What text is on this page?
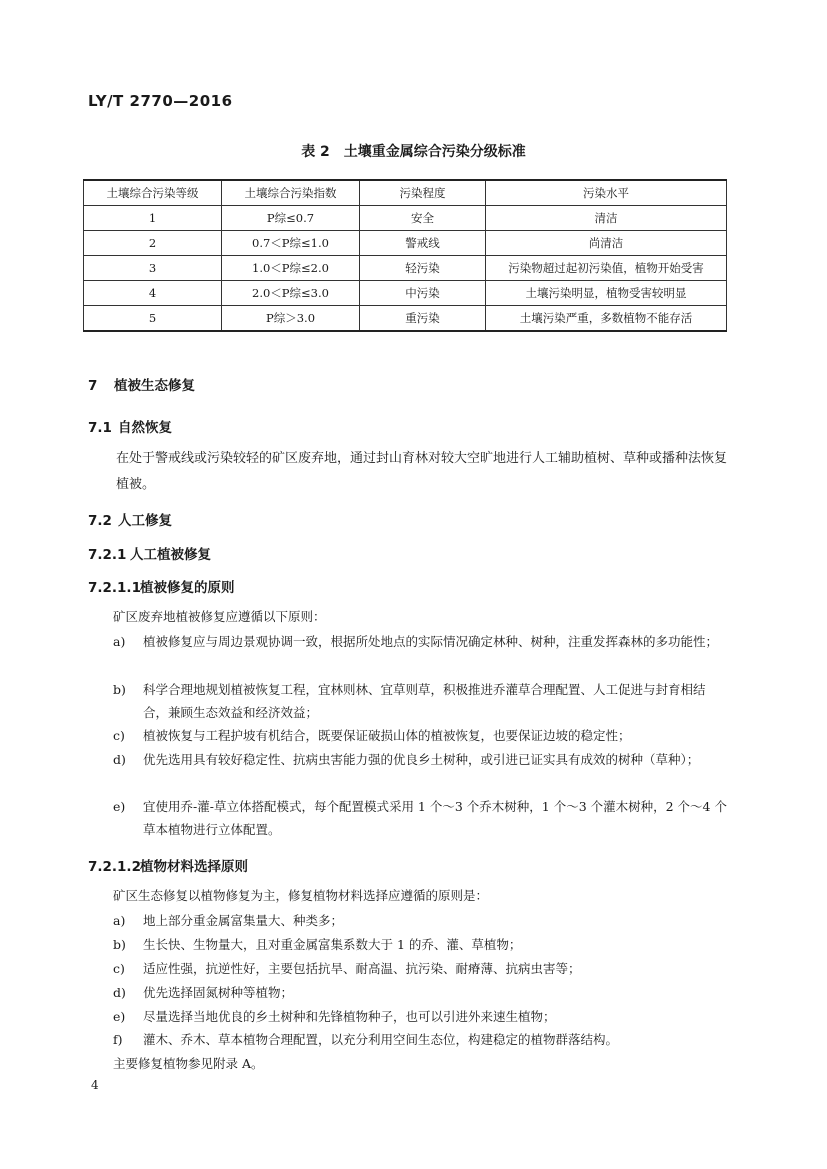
LY/T 2770—2016
表 2　土壤重金属综合污染分级标准
土壤综合污染等级	土壤综合污染指数	污染程度	污染水平
1	P综≤0.7	安全	清洁
2	0.7＜P综≤1.0	警戒线	尚清洁
3	1.0＜P综≤2.0	轻污染	污染物超过起初污染值，植物开始受害
4	2.0＜P综≤3.0	中污染	土壤污染明显，植物受害较明显
5	P综＞3.0	重污染	土壤污染严重，多数植物不能存活
7 植被生态修复
7.1 自然恢复
在处于警戒线或污染较轻的矿区废弃地，通过封山育林对较大空旷地进行人工辅助植树、草种或播种法恢复植被。
7.2 人工修复
7.2.1 人工植被修复
7.2.1.1植被修复的原则
矿区废弃地植被修复应遵循以下原则：
a) 植被修复应与周边景观协调一致，根据所处地点的实际情况确定林种、树种，注重发挥森林的多功能性；
b) 科学合理地规划植被恢复工程，宜林则林、宜草则草，积极推进乔灌草合理配置、人工促进与封育相结合，兼顾生态效益和经济效益；
c) 植被恢复与工程护坡有机结合，既要保证破损山体的植被恢复，也要保证边坡的稳定性；
d) 优先选用具有较好稳定性、抗病虫害能力强的优良乡土树种，或引进已证实具有成效的树种（草种）；
e) 宜使用乔-灌-草立体搭配模式，每个配置模式采用 1 个～3 个乔木树种，1 个～3 个灌木树种，2 个～4 个草本植物进行立体配置。
7.2.1.2植物材料选择原则
矿区生态修复以植物修复为主，修复植物材料选择应遵循的原则是：
a) 地上部分重金属富集量大、种类多；
b) 生长快、生物量大，且对重金属富集系数大于 1 的乔、灌、草植物；
c) 适应性强，抗逆性好，主要包括抗旱、耐高温、抗污染、耐瘠薄、抗病虫害等；
d) 优先选择固氮树种等植物；
e) 尽量选择当地优良的乡土树种和先锋植物种子，也可以引进外来速生植物；
f) 灌木、乔木、草本植物合理配置，以充分利用空间生态位，构建稳定的植物群落结构。
主要修复植物参见附录 A。
4
